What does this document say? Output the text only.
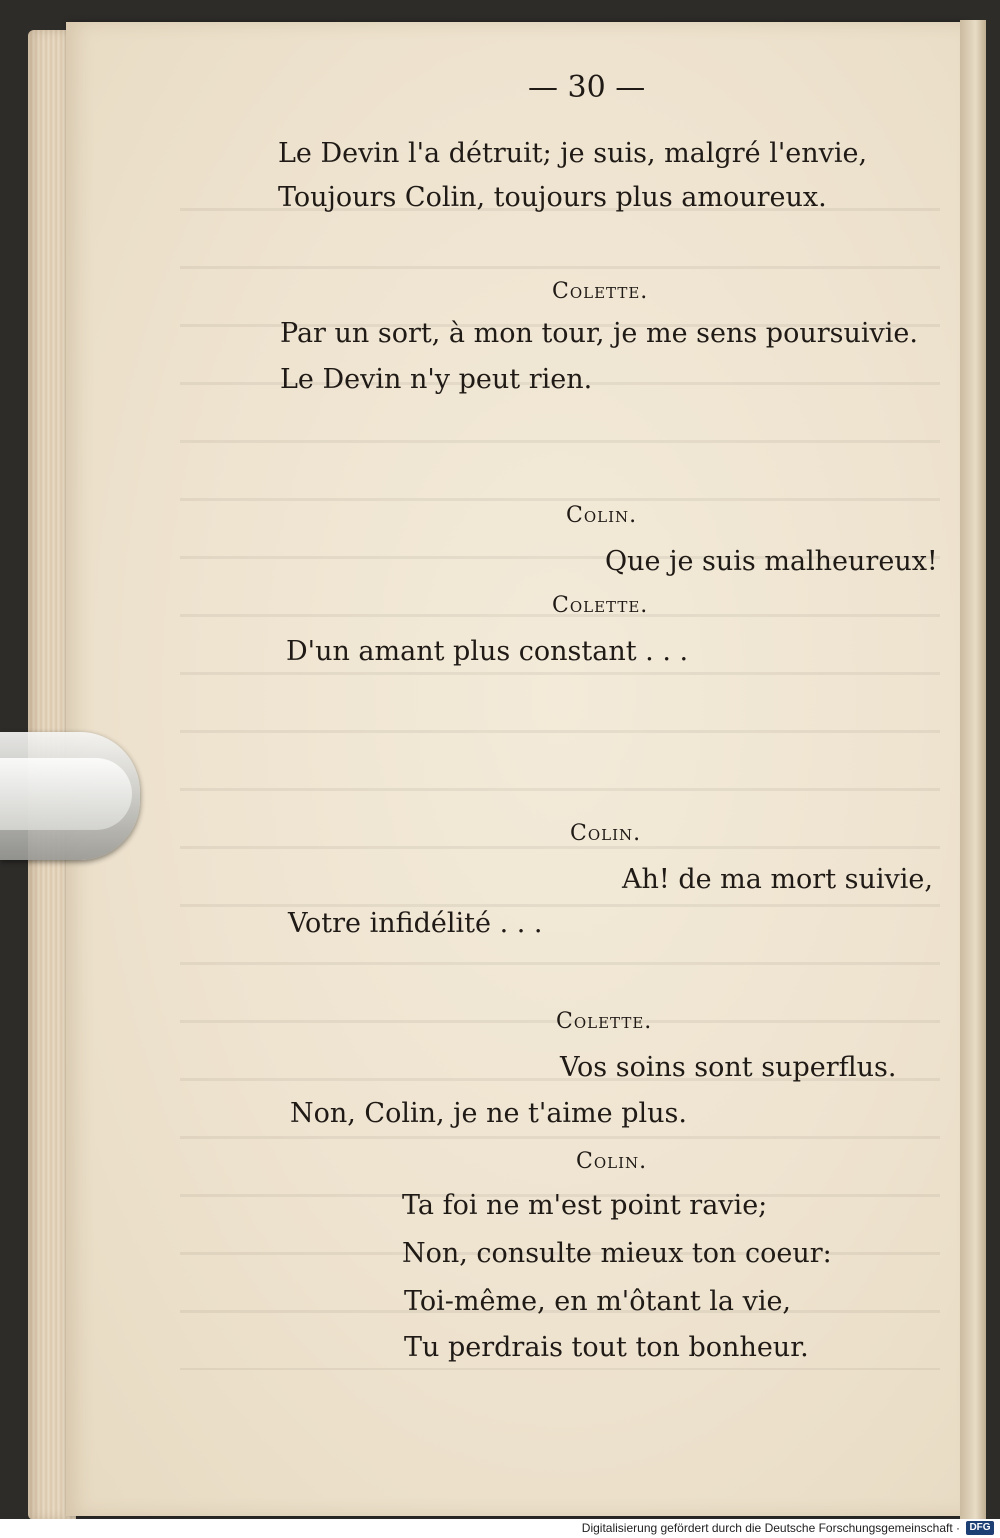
— 30 —
Le Devin l'a détruit; je suis, malgré l'envie,
Toujours Colin, toujours plus amoureux.
Colette.
Par un sort, à mon tour, je me sens poursuivie.
Le Devin n'y peut rien.
Colin.
Que je suis malheureux!
Colette.
D'un amant plus constant . . .
Colin.
Ah! de ma mort suivie,
Votre infidélité . . .
Colette.
Vos soins sont superflus.
Non, Colin, je ne t'aime plus.
Colin.
Ta foi ne m'est point ravie;
Non, consulte mieux ton coeur:
Toi-même, en m'ôtant la vie,
Tu perdrais tout ton bonheur.
Digitalisierung gefördert durch die Deutsche Forschungsgemeinschaft · DFG
